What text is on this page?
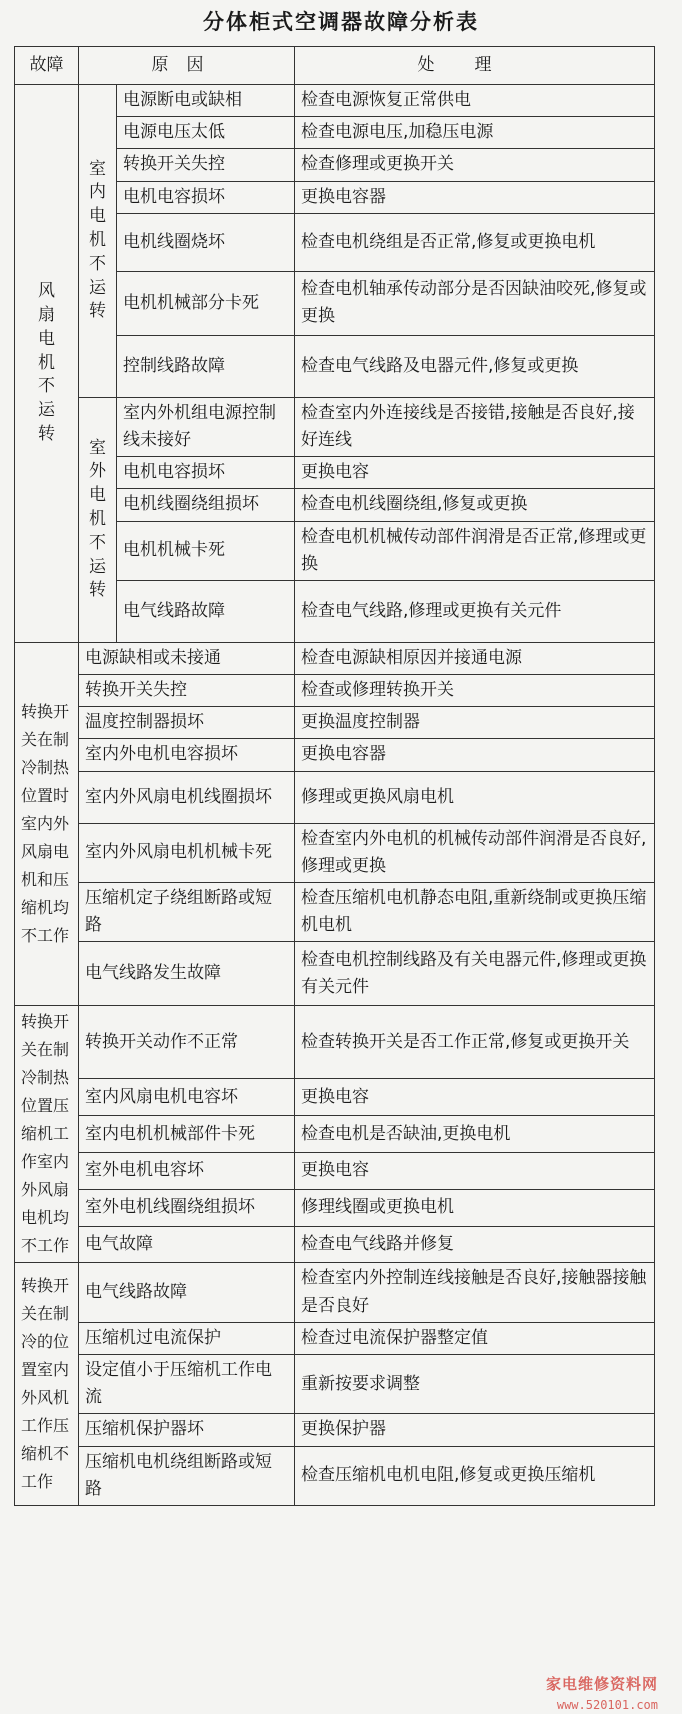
分体柜式空调器故障分析表
故障	原因		处理

风扇电机不运转	室内电机不运转	电源断电或缺相	检查电源恢复正常供电
		电源电压太低	检查电源电压,加稳压电源
		转换开关失控	检查修理或更换开关
		电机电容损坏	更换电容器
		电机线圈烧坏	检查电机绕组是否正常,修复或更换电机
		电机机械部分卡死	检查电机轴承传动部分是否因缺油咬死,修复或更换
		控制线路故障	检查电气线路及电器元件,修复或更换

	室外电机不运转	室内外机组电源控制线未接好	检查室内外连接线是否接错,接触是否良好,接好连线
		电机电容损坏	更换电容
		电机线圈绕组损坏	检查电机线圈绕组,修复或更换
		电机机械卡死	检查电机机械传动部件润滑是否正常,修理或更换
		电气线路故障	检查电气线路,修理或更换有关元件
转换开关在制冷制热位置时室内外风扇电机和压缩机均不工作	电源缺相或未接通		检查电源缺相原因并接通电源
	转换开关失控		检查或修理转换开关
	温度控制器损坏		更换温度控制器
	室内外电机电容损坏		更换电容器
	室内外风扇电机线圈损坏		修理或更换风扇电机
	室内外风扇电机机械卡死		检查室内外电机的机械传动部件润滑是否良好,修理或更换
	压缩机定子绕组断路或短路		检查压缩机电机静态电阻,重新绕制或更换压缩机电机
	电气线路发生故障		检查电机控制线路及有关电器元件,修理或更换有关元件
转换开关在制冷制热位置压缩机工作室内外风扇电机均不工作	转换开关动作不正常		检查转换开关是否工作正常,修复或更换开关
	室内风扇电机电容坏		更换电容
	室内电机机械部件卡死		检查电机是否缺油,更换电机
	室外电机电容坏		更换电容
	室外电机线圈绕组损坏		修理线圈或更换电机
	电气故障		检查电气线路并修复
转换开关在制冷的位置室内外风机工作压缩机不工作	电气线路故障		检查室内外控制连线接触是否良好,接触器接触是否良好
	压缩机过电流保护		检查过电流保护器整定值
	设定值小于压缩机工作电流		重新按要求调整
	压缩机保护器坏		更换保护器
	压缩机电机绕组断路或短路		检查压缩机电机电阻,修复或更换压缩机
家电维修资料网
www.520101.com
